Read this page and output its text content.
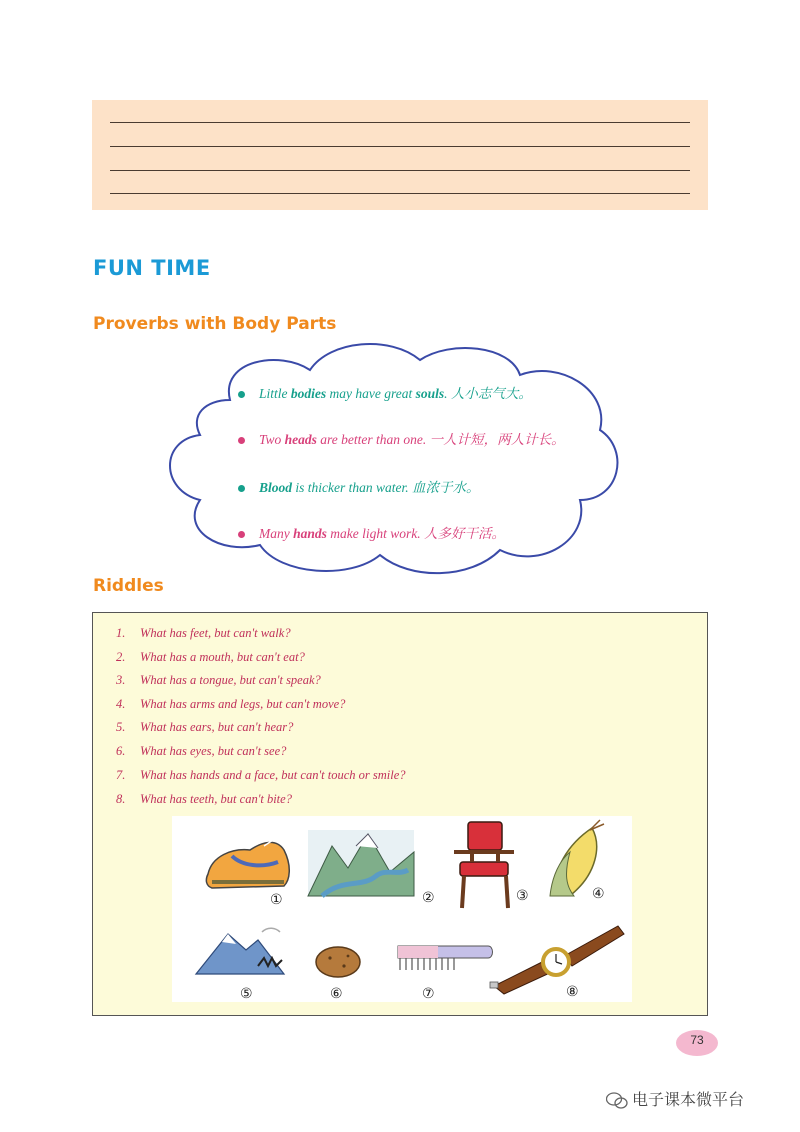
FUN TIME
Proverbs with Body Parts
Little bodies may have great souls. 人小志气大。
Two heads are better than one. 一人计短，两人计长。
Blood is thicker than water. 血浓于水。
Many hands make light work. 人多好干活。
Riddles
1. What has feet, but can't walk?
2. What has a mouth, but can't eat?
3. What has a tongue, but can't speak?
4. What has arms and legs, but can't move?
5. What has ears, but can't hear?
6. What has eyes, but can't see?
7. What has hands and a face, but can't touch or smile?
8. What has teeth, but can't bite?
①	②	③	④
⑤	⑥	⑦	⑧
73
电子课本微平台
